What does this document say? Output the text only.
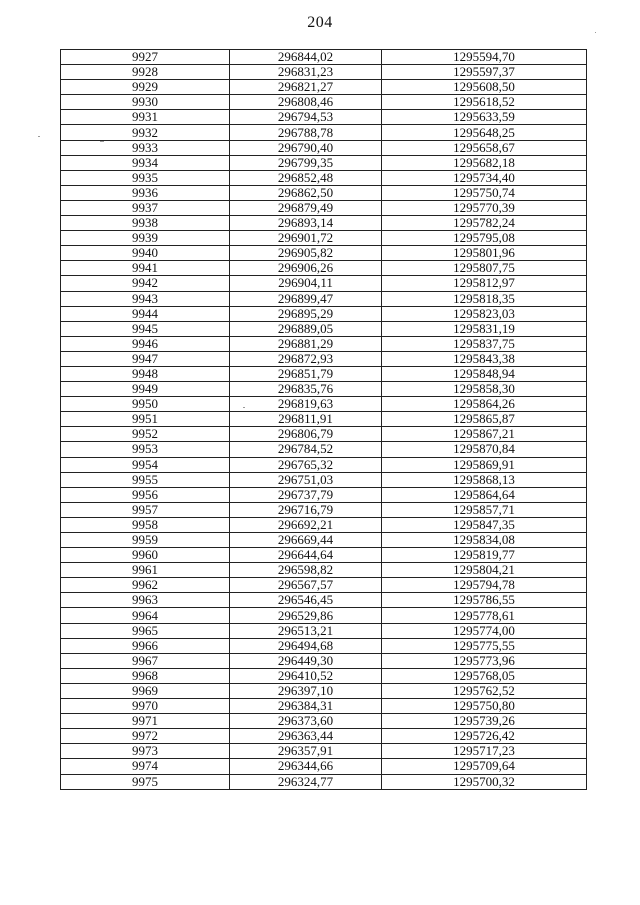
204
9927	296844,02	1295594,70
9928	296831,23	1295597,37
9929	296821,27	1295608,50
9930	296808,46	1295618,52
9931	296794,53	1295633,59
9932	296788,78	1295648,25
9933	296790,40	1295658,67
9934	296799,35	1295682,18
9935	296852,48	1295734,40
9936	296862,50	1295750,74
9937	296879,49	1295770,39
9938	296893,14	1295782,24
9939	296901,72	1295795,08
9940	296905,82	1295801,96
9941	296906,26	1295807,75
9942	296904,11	1295812,97
9943	296899,47	1295818,35
9944	296895,29	1295823,03
9945	296889,05	1295831,19
9946	296881,29	1295837,75
9947	296872,93	1295843,38
9948	296851,79	1295848,94
9949	296835,76	1295858,30
9950	296819,63	1295864,26
9951	296811,91	1295865,87
9952	296806,79	1295867,21
9953	296784,52	1295870,84
9954	296765,32	1295869,91
9955	296751,03	1295868,13
9956	296737,79	1295864,64
9957	296716,79	1295857,71
9958	296692,21	1295847,35
9959	296669,44	1295834,08
9960	296644,64	1295819,77
9961	296598,82	1295804,21
9962	296567,57	1295794,78
9963	296546,45	1295786,55
9964	296529,86	1295778,61
9965	296513,21	1295774,00
9966	296494,68	1295775,55
9967	296449,30	1295773,96
9968	296410,52	1295768,05
9969	296397,10	1295762,52
9970	296384,31	1295750,80
9971	296373,60	1295739,26
9972	296363,44	1295726,42
9973	296357,91	1295717,23
9974	296344,66	1295709,64
9975	296324,77	1295700,32
